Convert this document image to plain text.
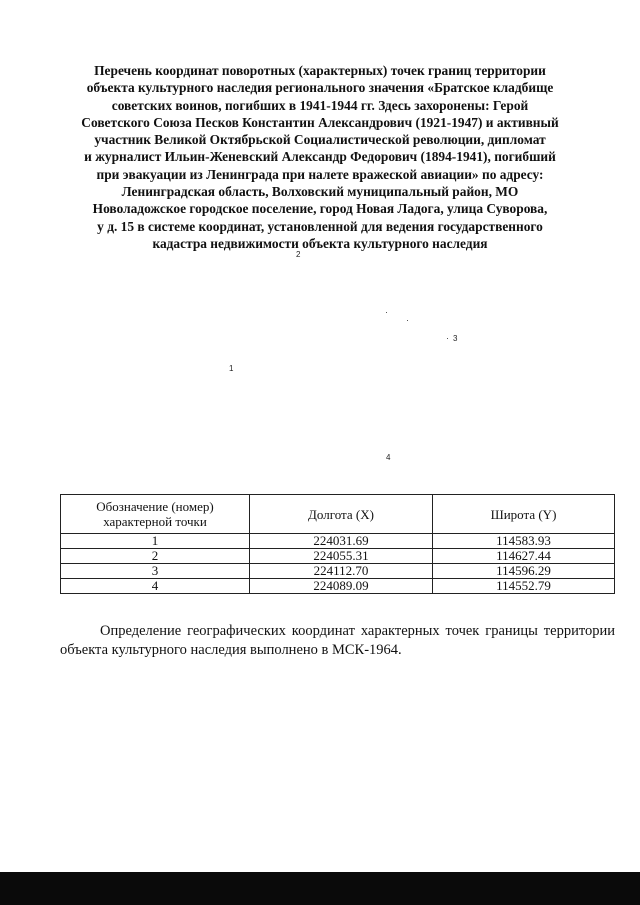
Перечень координат поворотных (характерных) точек границ территории
объекта культурного наследия регионального значения «Братское кладбище
советских воинов, погибших в 1941-1944 гг. Здесь захоронены: Герой
Советского Союза Песков Константин Александрович (1921-1947) и активный
участник Великой Октябрьской Социалистической революции, дипломат
и журналист Ильин-Женевский Александр Федорович (1894-1941), погибший
при эвакуации из Ленинграда при налете вражеской авиации» по адресу:
Ленинградская область, Волховский муниципальный район, МО
Новоладожское городское поселение, город Новая Ладога, улица Суворова,
у д. 15 в системе координат, установленной для ведения государственного
кадастра недвижимости объекта культурного наследия
1
2
3
4
Обозначение (номер) характерной точки	Долгота (X)	Широта (Y)
1	224031.69	114583.93
2	224055.31	114627.44
3	224112.70	114596.29
4	224089.09	114552.79

Определение географических координат характерных точек границы территории объекта культурного наследия выполнено в МСК-1964.
